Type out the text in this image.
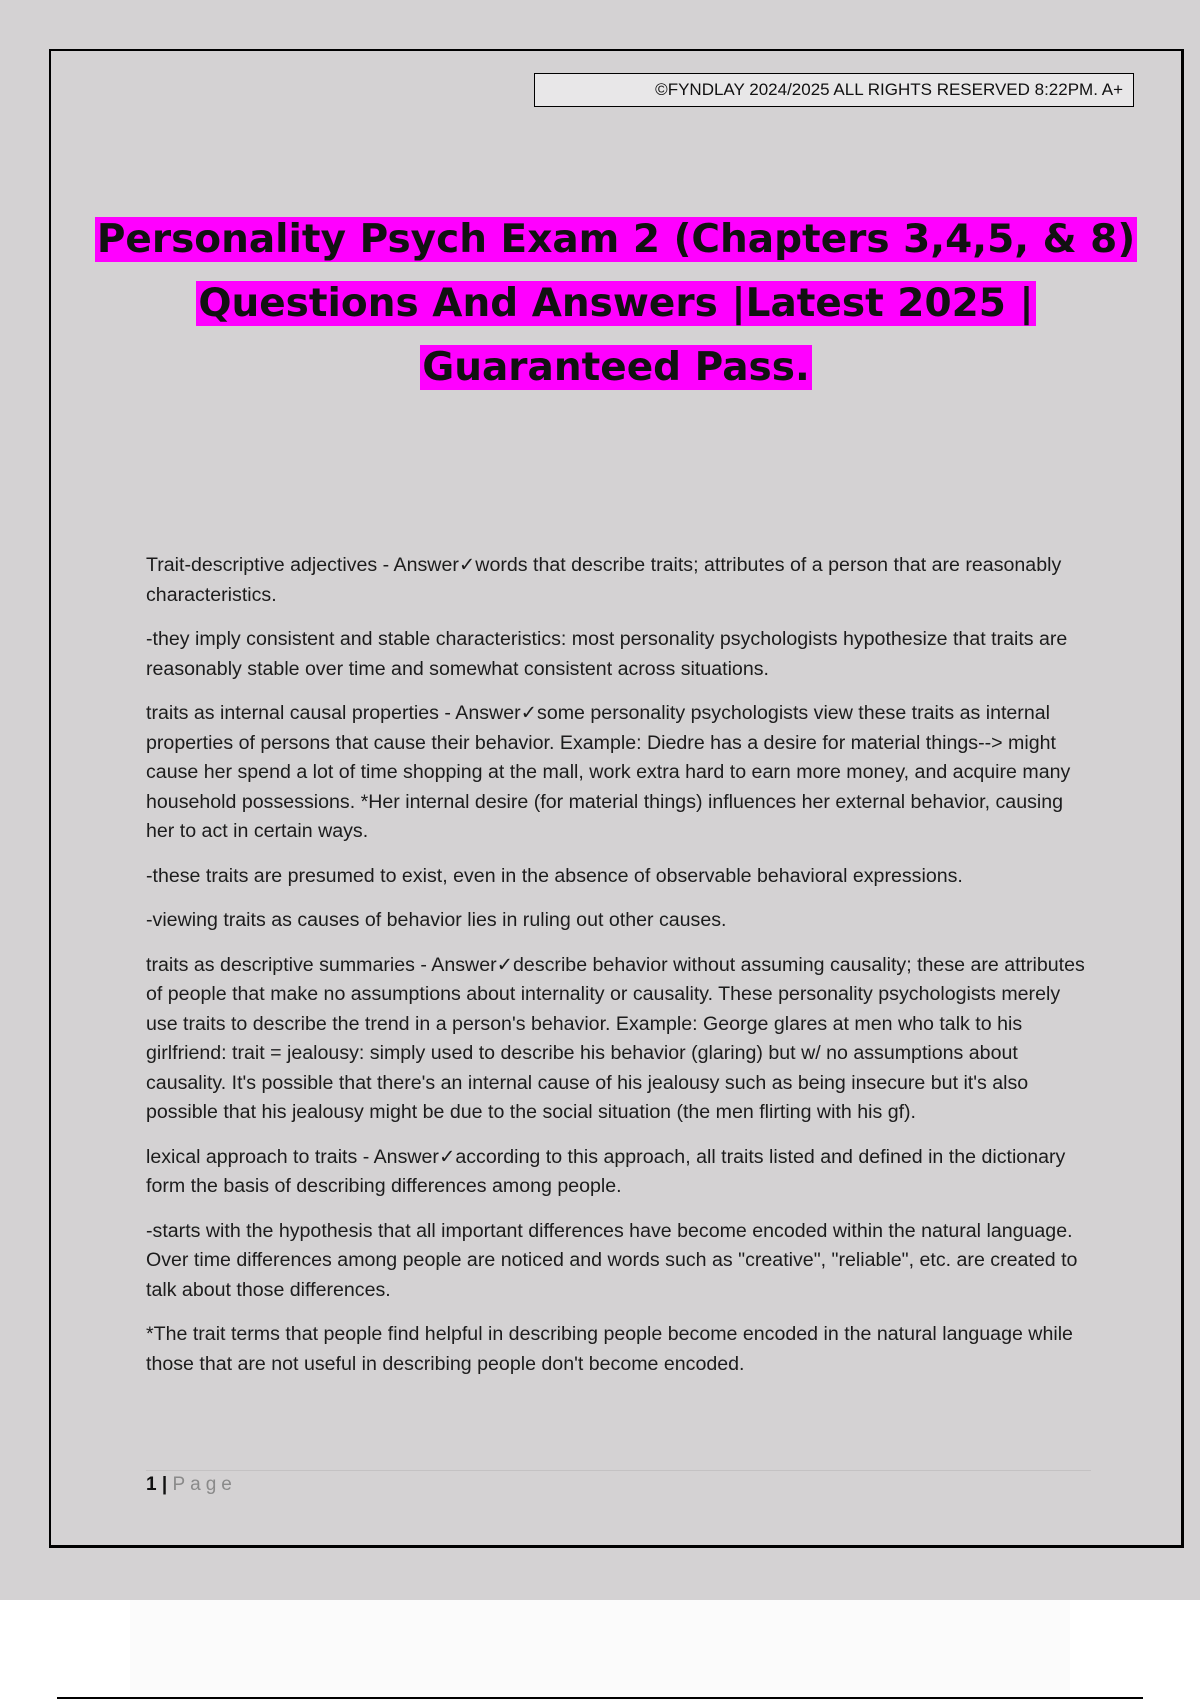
©FYNDLAY 2024/2025 ALL RIGHTS RESERVED 8:22PM. A+
Personality Psych Exam 2 (Chapters 3,4,5, & 8)
Questions And Answers |Latest 2025 |
Guaranteed Pass.

Trait-descriptive adjectives - Answer✓words that describe traits; attributes of a person that are reasonably characteristics.

-they imply consistent and stable characteristics: most personality psychologists hypothesize that traits are reasonably stable over time and somewhat consistent across situations.

traits as internal causal properties - Answer✓some personality psychologists view these traits as internal properties of persons that cause their behavior. Example: Diedre has a desire for material things--> might cause her spend a lot of time shopping at the mall, work extra hard to earn more money, and acquire many household possessions. *Her internal desire (for material things) influences her external behavior, causing her to act in certain ways.

-these traits are presumed to exist, even in the absence of observable behavioral expressions.

-viewing traits as causes of behavior lies in ruling out other causes.

traits as descriptive summaries - Answer✓describe behavior without assuming causality; these are attributes of people that make no assumptions about internality or causality. These personality psychologists merely use traits to describe the trend in a person's behavior. Example: George glares at men who talk to his girlfriend: trait = jealousy: simply used to describe his behavior (glaring) but w/ no assumptions about causality. It's possible that there's an internal cause of his jealousy such as being insecure but it's also possible that his jealousy might be due to the social situation (the men flirting with his gf).

lexical approach to traits - Answer✓according to this approach, all traits listed and defined in the dictionary form the basis of describing differences among people.

-starts with the hypothesis that all important differences have become encoded within the natural language. Over time differences among people are noticed and words such as "creative", "reliable", etc. are created to talk about those differences.

*The trait terms that people find helpful in describing people become encoded in the natural language while those that are not useful in describing people don't become encoded.

1 | Page
